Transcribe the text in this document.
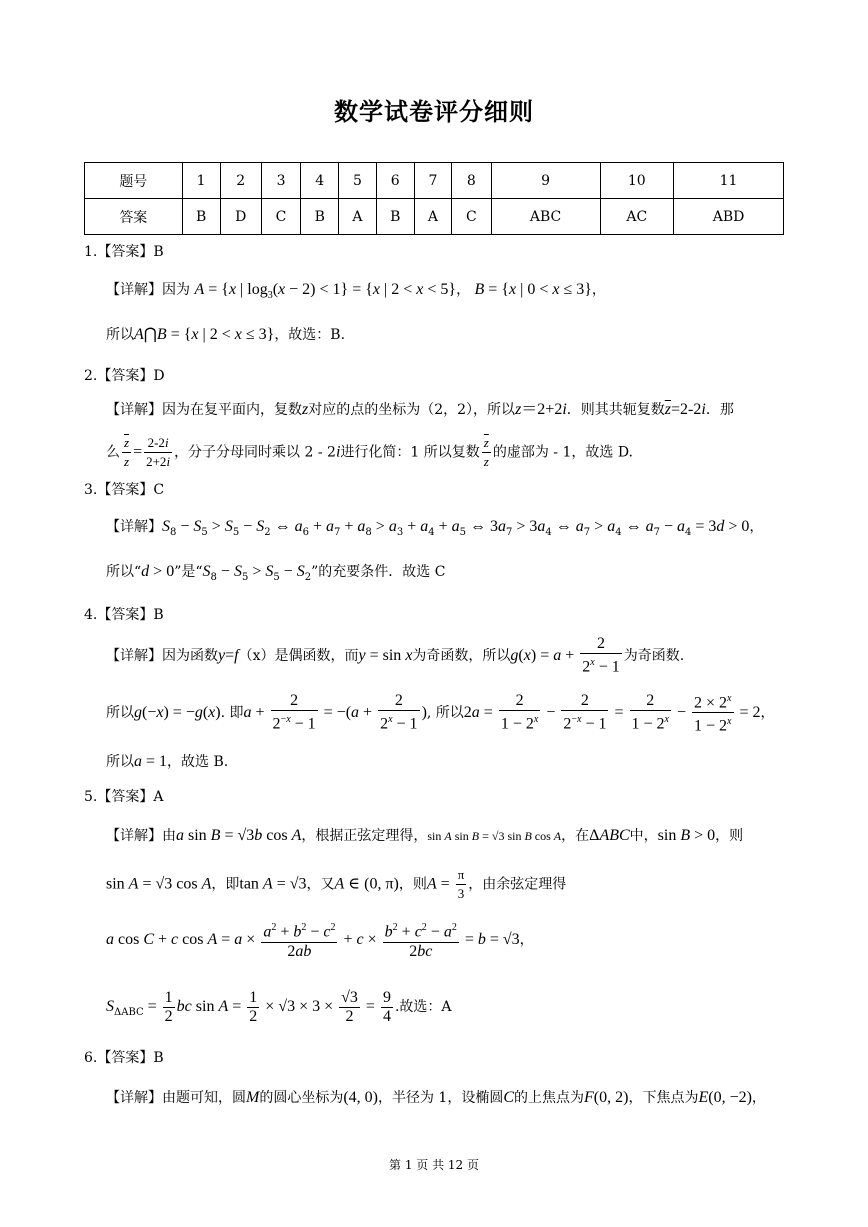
数学试卷评分细则
题号	1	2	3	4	5	6	7	8	9	10	11
答案	B	D	C	B	A	B	A	C	ABC	AC	ABD
1.【答案】B
【详解】因为 A = {x | $\log_3(x - 2) < 1\} = \{x$ | 2 < x < 5}， B = {x | 0 < x ≤ 3}，
所以A⋂B = {x | 2 < x ≤ 3}，故选：B.
2.【答案】D
【详解】因为在复平面内，复数z对应的点的坐标为（2，2），所以z＝2+2i．则其共轭复数$\overline{z}=2-2i$．那
么 $\frac{\overline{z}}{z} = \frac{2-2i}{2+2i}$ ，分子分母同时乘以 2 - 2i进行化简：1 所以复数 $\frac{\overline{z}}{z}$ 的虚部为 - 1，故选 D.
3.【答案】C
【详解】$S_8 - S_5 > S_5 - S_2$ ⇔ $a_6 + a_7 + a_8 > a_3 + a_4 + a_5$ ⇔ $3a_7 > 3a_4$ ⇔ $a_7 > a_4$ ⇔ $a_7 - a_4 = 3d > 0$，
所以“d > 0”是“$S_8 - S_5 > S_5 - S_2$”的充要条件．故选 C
4.【答案】B
【详解】因为函数y=f（x）是偶函数，而y = sin x为奇函数，所以$g(x) = a + \frac{2}{2^x - 1}$ 为奇函数.
所以g(−x) = −g(x). 即$a + \frac{2}{2^{-x} - 1} = -(a + \frac{2}{2^x - 1}$ ), 所以$2a = \frac{2}{1 - 2^x} - \frac{2}{2^{-x} - 1} = \frac{2}{1 - 2^x} - \frac{2 \times 2^x}{1 - 2^x} = 2$，
所以a = 1，故选 B.
5.【答案】A
【详解】由a sin B = √3b cos A，根据正弦定理得，sin A sin B = √3 sin B cos A，在ΔABC中，sin B > 0，则
sin A = √3 cos A，即tan A = √3，又A ∈ (0, π)，则$A = \frac{\pi}{3}$ ，由余弦定理得
a cos C + c $\cos A = a \times \frac{a^2 + b^2 - c^2}{2ab} + c \times \frac{b^2 + c^2 - a^2}{2bc} = b = √3$，
$S_{\Delta ABC} = \frac{1}{2}$ bc $\sin A = \frac{1}{2} \times √3 \times 3 \times \frac{√3}{2} = \frac{9}{4}$ .故选：A
6.【答案】B
【详解】由题可知，圆M的圆心坐标为(4, 0)，半径为 1，设椭圆C的上焦点为F(0, 2)，下焦点为E(0, −2)，
第 1 页 共 12 页
